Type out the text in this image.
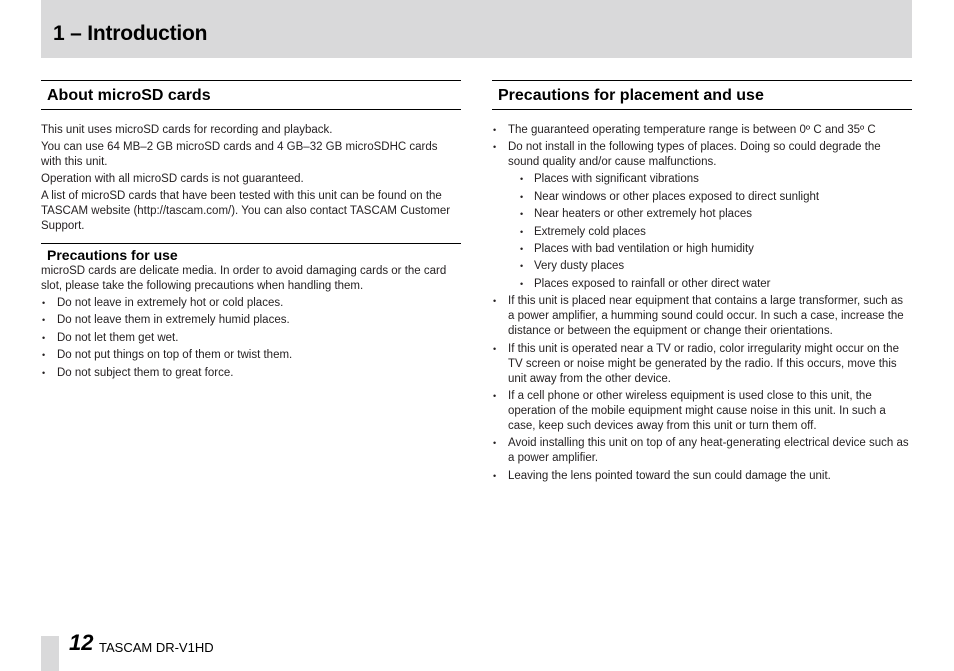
1 – Introduction
About microSD cards

This unit uses microSD cards for recording and playback.

You can use 64 MB–2 GB microSD cards and 4 GB–32 GB microSDHC cards with this unit.

Operation with all microSD cards is not guaranteed.

A list of microSD cards that have been tested with this unit can be found on the TASCAM website (http://tascam.com/). You can also contact TASCAM Customer Support.

Precautions for use

microSD cards are delicate media. In order to avoid damaging cards or the card slot, please take the following precautions when handling them.

• Do not leave in extremely hot or cold places.
• Do not leave them in extremely humid places.
• Do not let them get wet.
• Do not put things on top of them or twist them.
• Do not subject them to great force.
Precautions for placement and use
• The guaranteed operating temperature range is between 0º C and 35º C
• Do not install in the following types of places. Doing so could degrade the sound quality and/or cause malfunctions.
• Places with significant vibrations
• Near windows or other places exposed to direct sunlight
• Near heaters or other extremely hot places
• Extremely cold places
• Places with bad ventilation or high humidity
• Very dusty places
• Places exposed to rainfall or other direct water
• If this unit is placed near equipment that contains a large transformer, such as a power amplifier, a humming sound could occur. In such a case, increase the distance or between the equipment or change their orientations.
• If this unit is operated near a TV or radio, color irregularity might occur on the TV screen or noise might be generated by the radio. If this occurs, move this unit away from the other device.
• If a cell phone or other wireless equipment is used close to this unit, the operation of the mobile equipment might cause noise in this unit. In such a case, keep such devices away from this unit or turn them off.
• Avoid installing this unit on top of any heat-generating electrical device such as a power amplifier.
• Leaving the lens pointed toward the sun could damage the unit.
12 TASCAM DR-V1HD
